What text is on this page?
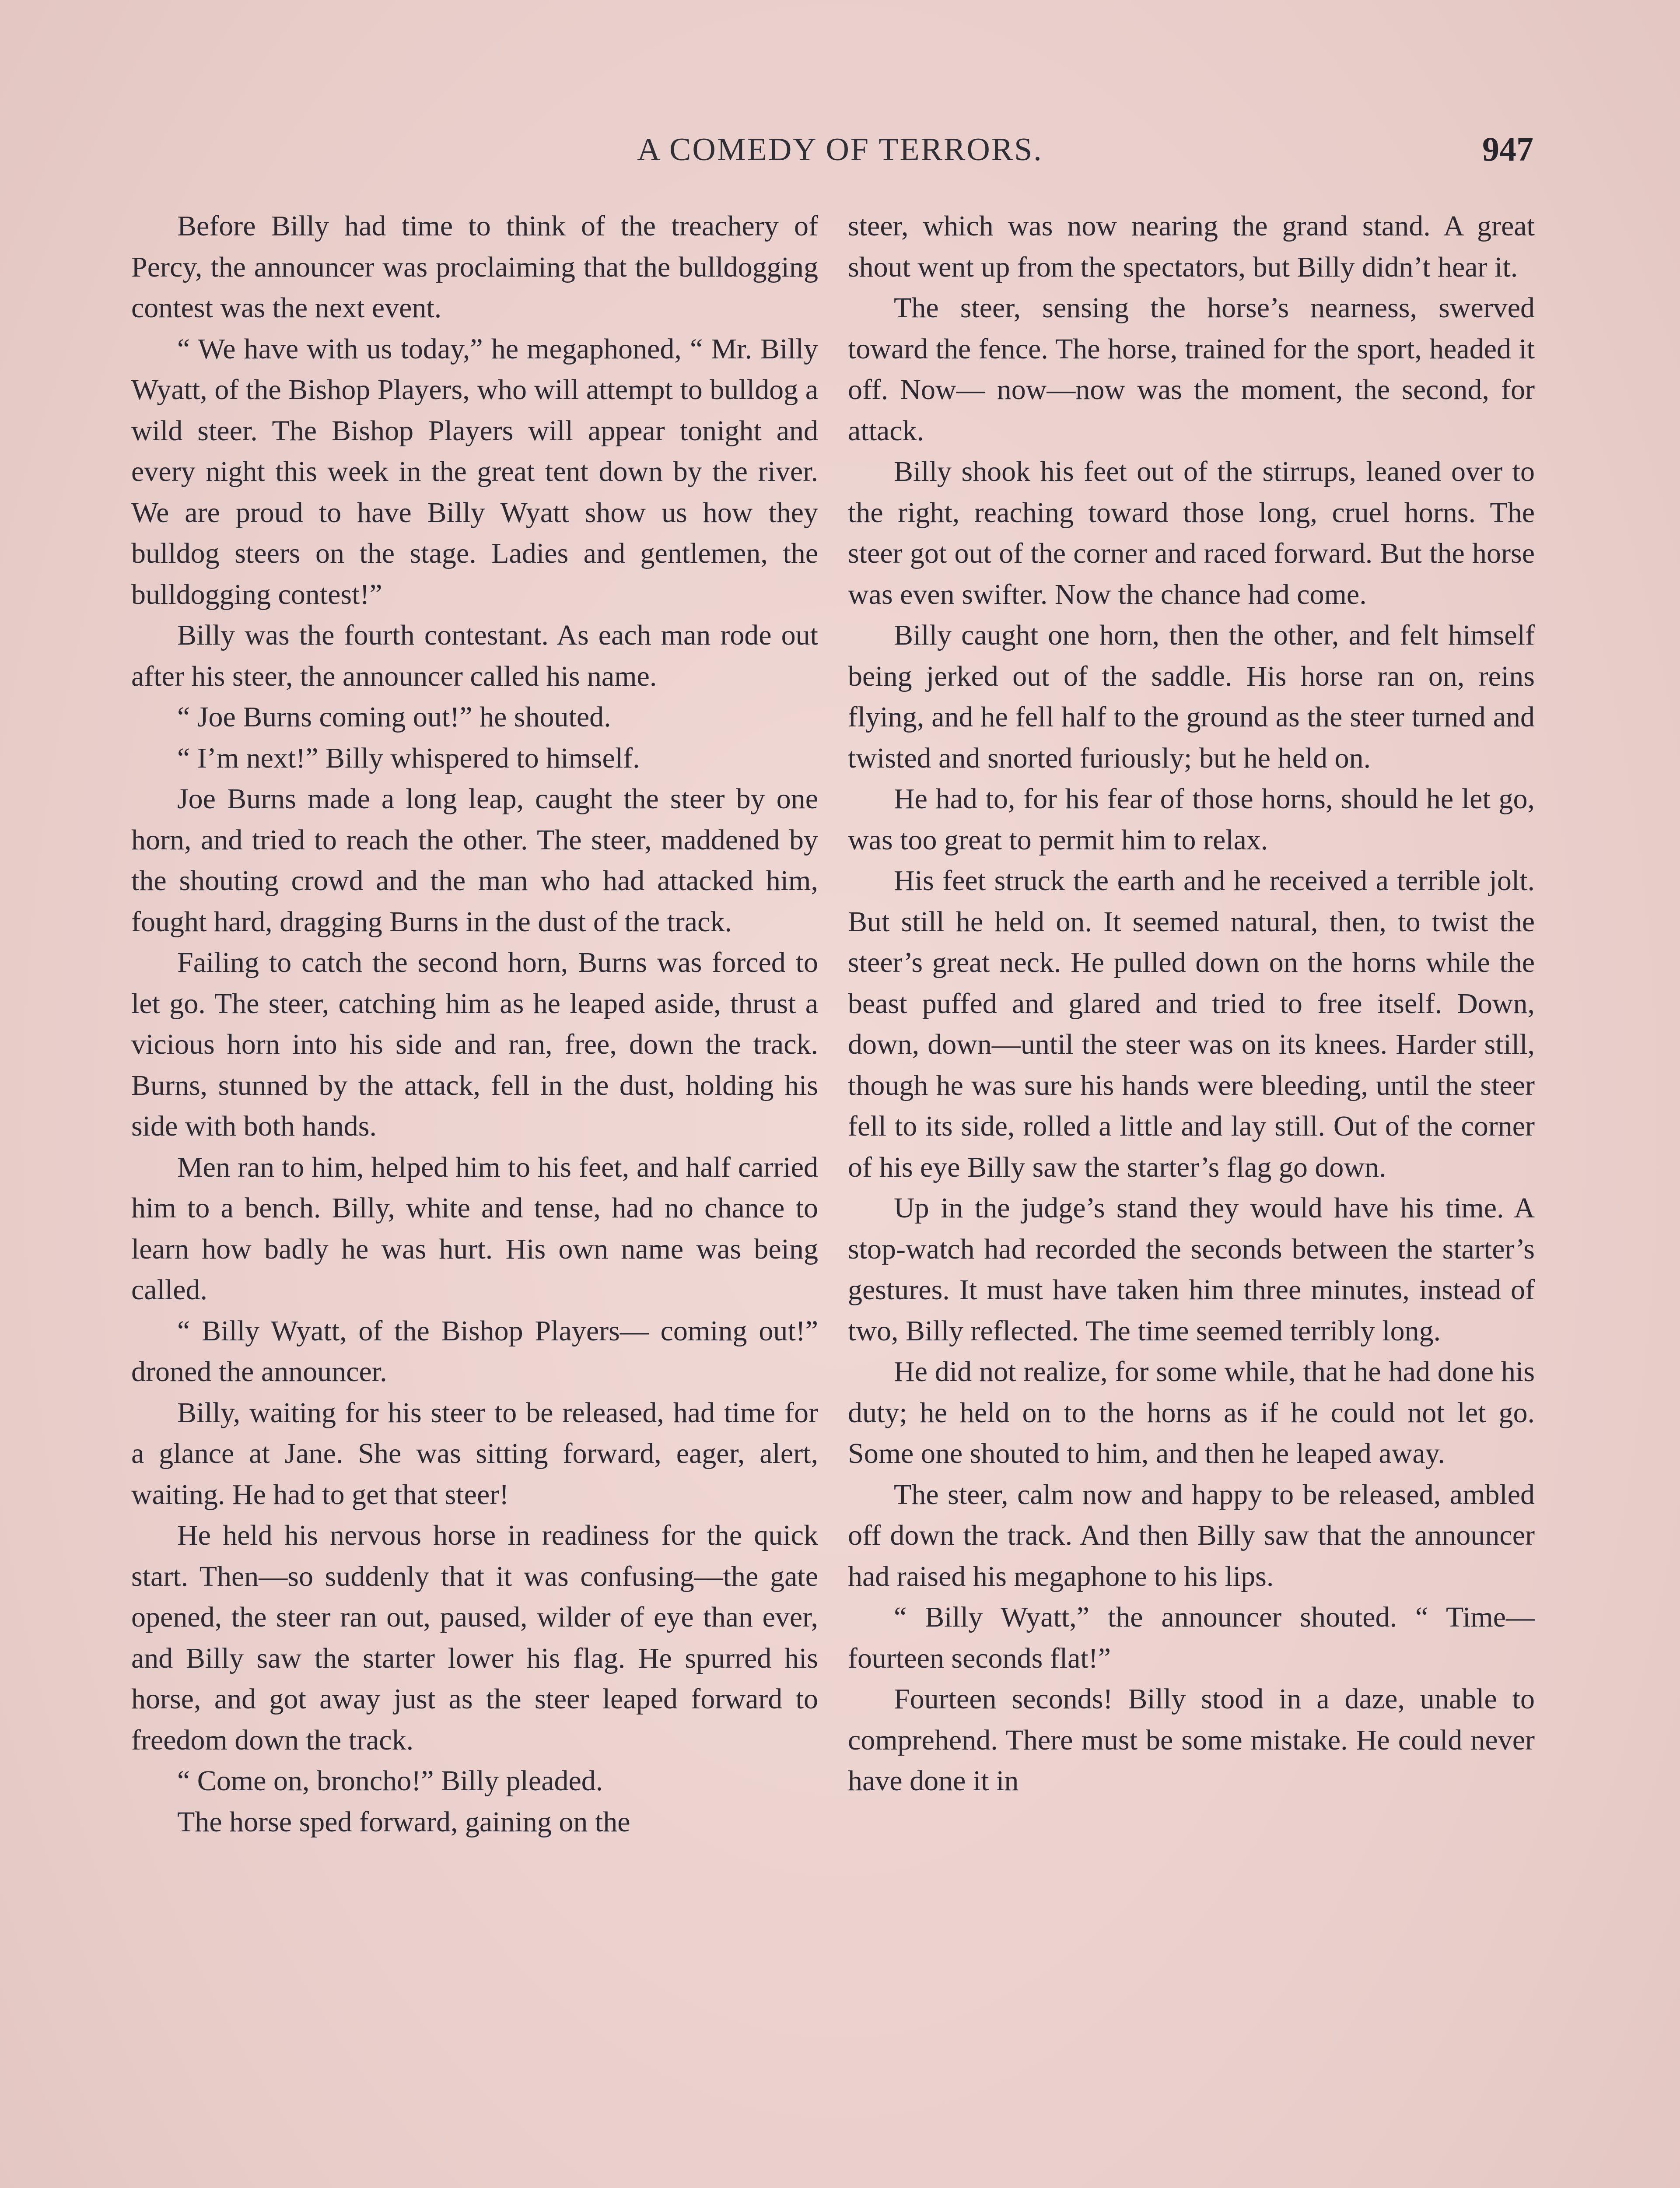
A COMEDY OF TERRORS.	947

Before Billy had time to think of the treachery of Percy, the announcer was proclaiming that the bulldogging contest was the next event.

“ We have with us today,” he megaphoned, “ Mr. Billy Wyatt, of the Bishop Players, who will attempt to bulldog a wild steer. The Bishop Players will appear tonight and every night this week in the great tent down by the river. We are proud to have Billy Wyatt show us how they bulldog steers on the stage. Ladies and gentlemen, the bulldogging contest!”

Billy was the fourth contestant. As each man rode out after his steer, the announcer called his name.

“ Joe Burns coming out!” he shouted.

“ I’m next!” Billy whispered to himself.

Joe Burns made a long leap, caught the steer by one horn, and tried to reach the other. The steer, maddened by the shouting crowd and the man who had attacked him, fought hard, dragging Burns in the dust of the track.

Failing to catch the second horn, Burns was forced to let go. The steer, catching him as he leaped aside, thrust a vicious horn into his side and ran, free, down the track. Burns, stunned by the attack, fell in the dust, holding his side with both hands.

Men ran to him, helped him to his feet, and half carried him to a bench. Billy, white and tense, had no chance to learn how badly he was hurt. His own name was being called.

“ Billy Wyatt, of the Bishop Players— coming out!” droned the announcer.

Billy, waiting for his steer to be released, had time for a glance at Jane. She was sitting forward, eager, alert, waiting. He had to get that steer!

He held his nervous horse in readiness for the quick start. Then—so suddenly that it was confusing—the gate opened, the steer ran out, paused, wilder of eye than ever, and Billy saw the starter lower his flag. He spurred his horse, and got away just as the steer leaped forward to freedom down the track.

“ Come on, broncho!” Billy pleaded.

The horse sped forward, gaining on the

steer, which was now nearing the grand stand. A great shout went up from the spectators, but Billy didn’t hear it.

The steer, sensing the horse’s nearness, swerved toward the fence. The horse, trained for the sport, headed it off. Now— now—now was the moment, the second, for attack.

Billy shook his feet out of the stirrups, leaned over to the right, reaching toward those long, cruel horns. The steer got out of the corner and raced forward. But the horse was even swifter. Now the chance had come.

Billy caught one horn, then the other, and felt himself being jerked out of the saddle. His horse ran on, reins flying, and he fell half to the ground as the steer turned and twisted and snorted furiously; but he held on.

He had to, for his fear of those horns, should he let go, was too great to permit him to relax.

His feet struck the earth and he received a terrible jolt. But still he held on. It seemed natural, then, to twist the steer’s great neck. He pulled down on the horns while the beast puffed and glared and tried to free itself. Down, down, down—until the steer was on its knees. Harder still, though he was sure his hands were bleeding, until the steer fell to its side, rolled a little and lay still. Out of the corner of his eye Billy saw the starter’s flag go down.

Up in the judge’s stand they would have his time. A stop-watch had recorded the seconds between the starter’s gestures. It must have taken him three minutes, instead of two, Billy reflected. The time seemed terribly long.

He did not realize, for some while, that he had done his duty; he held on to the horns as if he could not let go. Some one shouted to him, and then he leaped away.

The steer, calm now and happy to be released, ambled off down the track. And then Billy saw that the announcer had raised his megaphone to his lips.

“ Billy Wyatt,” the announcer shouted. “ Time—fourteen seconds flat!”

Fourteen seconds! Billy stood in a daze, unable to comprehend. There must be some mistake. He could never have done it in
